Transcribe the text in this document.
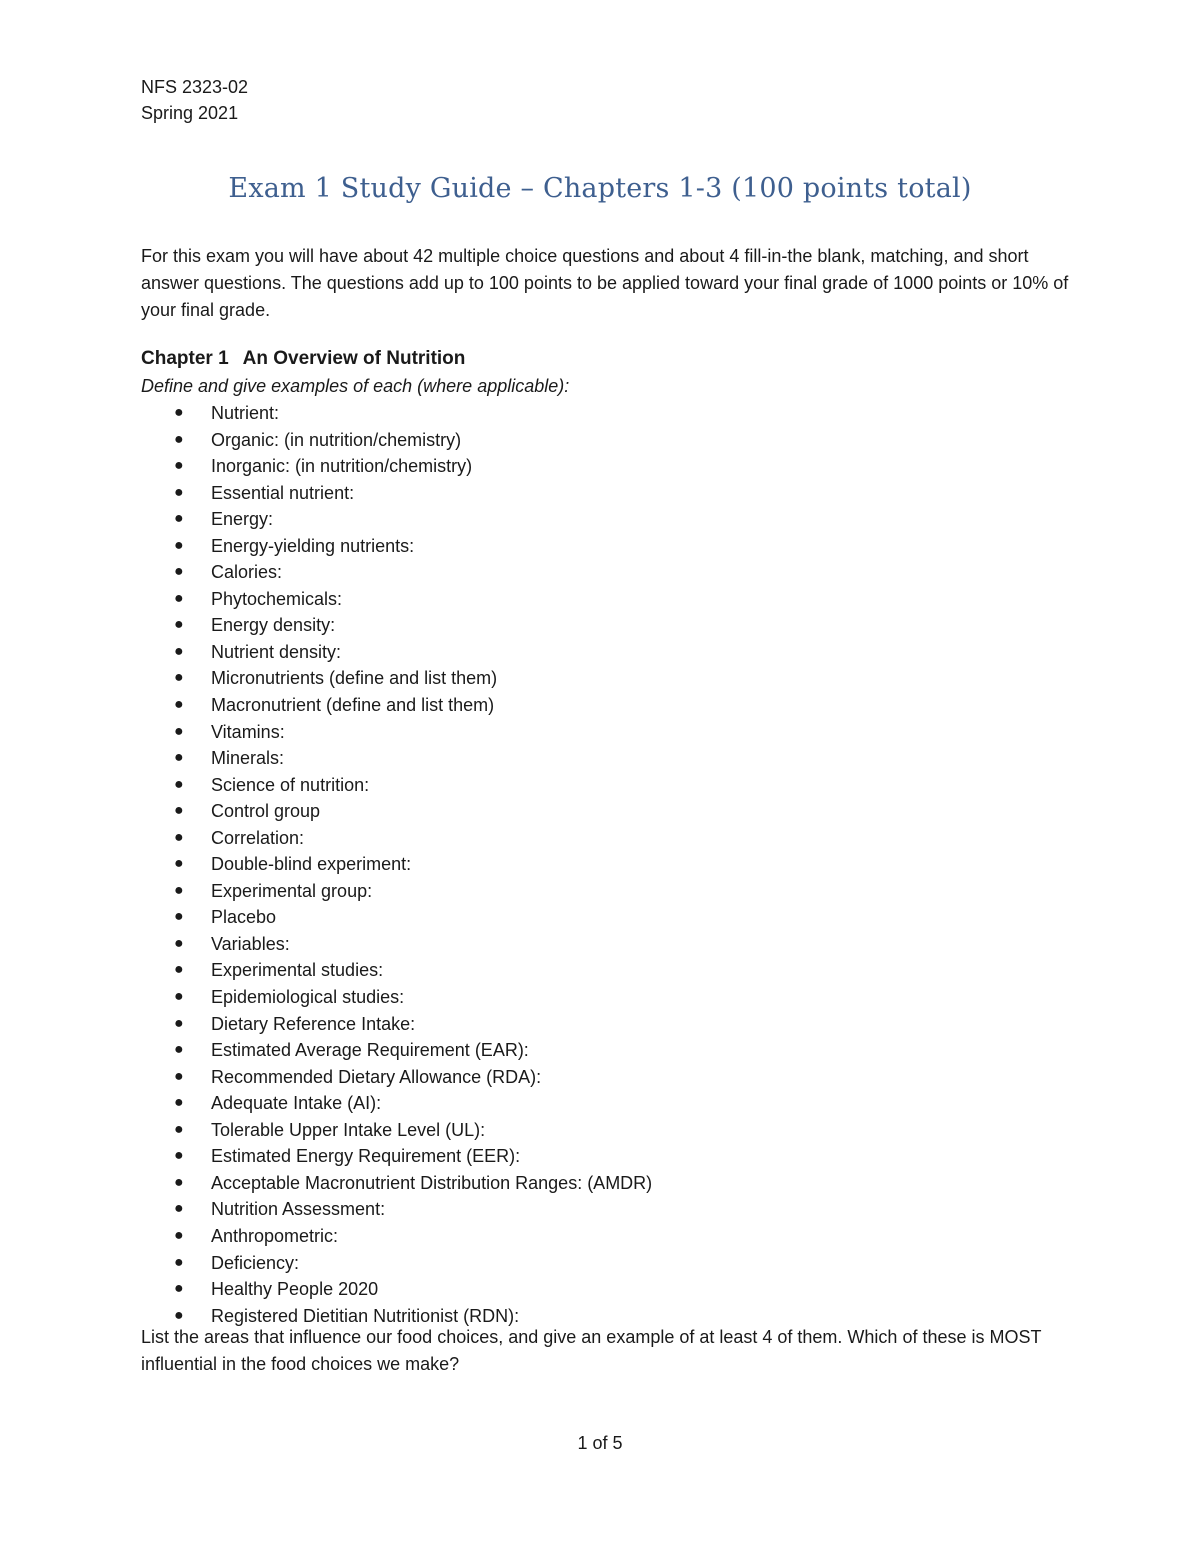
NFS 2323-02
Spring 2021
Exam 1 Study Guide – Chapters 1-3 (100 points total)
For this exam you will have about 42 multiple choice questions and about 4 fill-in-the blank, matching, and short answer questions. The questions add up to 100 points to be applied toward your final grade of 1000 points or 10% of your final grade.
Chapter 1 An Overview of Nutrition
Define and give examples of each (where applicable):
● Nutrient:
● Organic: (in nutrition/chemistry)
● Inorganic: (in nutrition/chemistry)
● Essential nutrient:
● Energy:
● Energy-yielding nutrients:
● Calories:
● Phytochemicals:
● Energy density:
● Nutrient density:
● Micronutrients (define and list them)
● Macronutrient (define and list them)
● Vitamins:
● Minerals:
● Science of nutrition:
● Control group
● Correlation:
● Double-blind experiment:
● Experimental group:
● Placebo
● Variables:
● Experimental studies:
● Epidemiological studies:
● Dietary Reference Intake:
● Estimated Average Requirement (EAR):
● Recommended Dietary Allowance (RDA):
● Adequate Intake (AI):
● Tolerable Upper Intake Level (UL):
● Estimated Energy Requirement (EER):
● Acceptable Macronutrient Distribution Ranges: (AMDR)
● Nutrition Assessment:
● Anthropometric:
● Deficiency:
● Healthy People 2020
● Registered Dietitian Nutritionist (RDN):
List the areas that influence our food choices, and give an example of at least 4 of them. Which of these is MOST influential in the food choices we make?
1 of 5
